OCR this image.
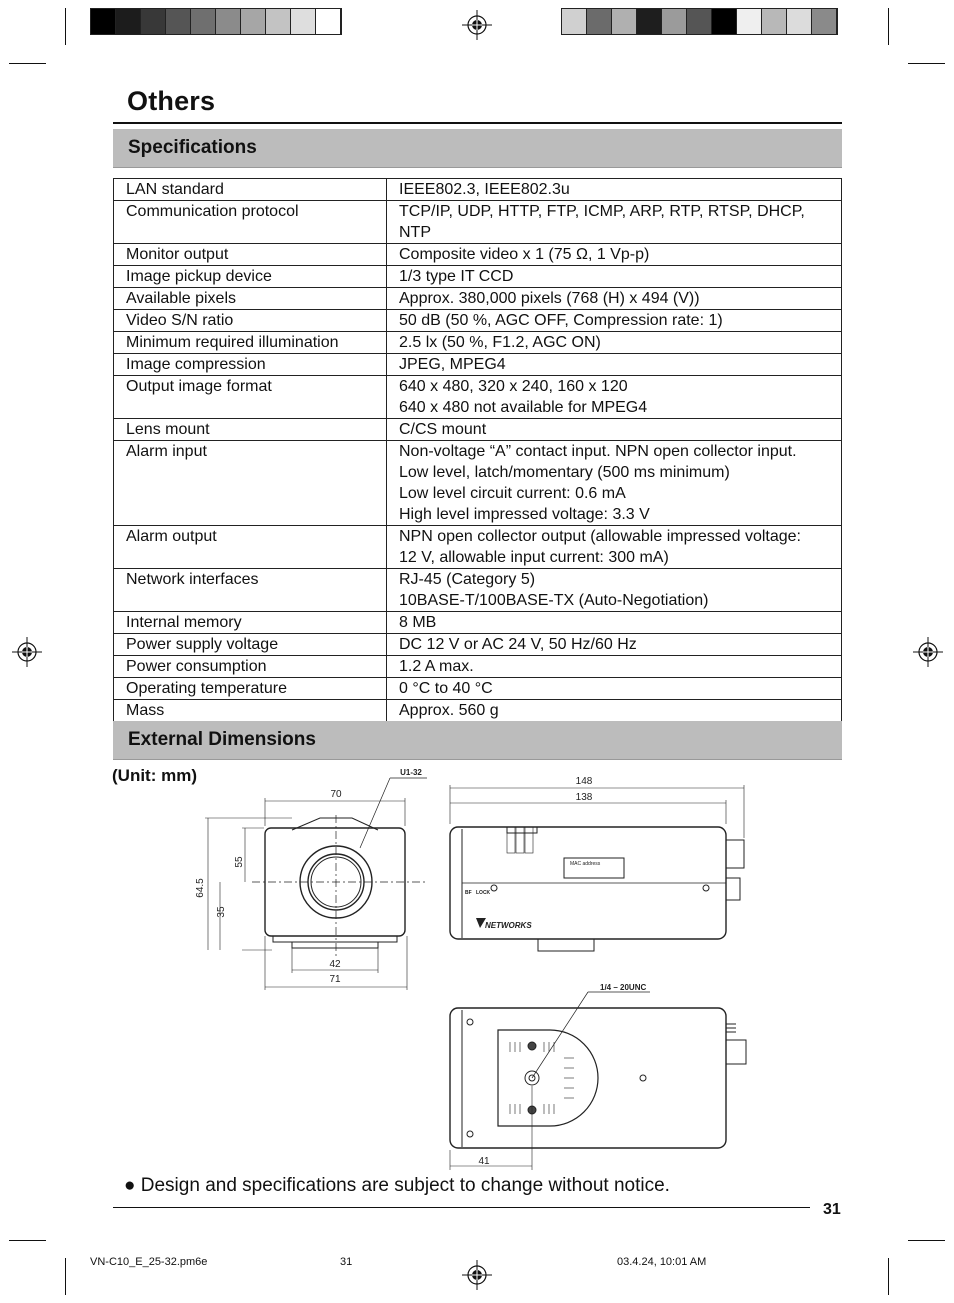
Others
Specifications
LAN standard	IEEE802.3, IEEE802.3u

Communication protocol	TCP/IP, UDP, HTTP, FTP, ICMP, ARP, RTP, RTSP, DHCP,
NTP

Monitor output	Composite video x 1 (75 Ω, 1 Vp-p)

Image pickup device	1/3 type IT CCD

Available pixels	Approx. 380,000 pixels (768 (H) x 494 (V))

Video S/N ratio	50 dB (50 %, AGC OFF, Compression rate: 1)

Minimum required illumination	2.5 lx (50 %, F1.2, AGC ON)

Image compression	JPEG, MPEG4

Output image format	640 x 480, 320 x 240, 160 x 120
640 x 480 not available for MPEG4

Lens mount	C/CS mount

Alarm input	Non-voltage “A” contact input. NPN open collector input.
Low level, latch/momentary (500 ms minimum)
Low level circuit current: 0.6 mA
High level impressed voltage: 3.3 V

Alarm output	NPN open collector output (allowable impressed voltage:
12 V, allowable input current: 300 mA)

Network interfaces	RJ-45 (Category 5)
10BASE-T/100BASE-TX (Auto-Negotiation)

Internal memory	8 MB

Power supply voltage	DC 12 V or AC 24 V, 50 Hz/60 Hz

Power consumption	1.2 A max.

Operating temperature	0 °C to 40 °C

Mass	Approx. 560 g
External Dimensions
(Unit: mm)
70
55
64.5
35
42
71
U1-32
148
138
MAC address
BF LOCK
NETWORKS
1/4 – 20UNC
41
● Design and specifications are subject to change without notice.
31
VN-C10_E_25-32.pm6e	31	03.4.24, 10:01 AM
